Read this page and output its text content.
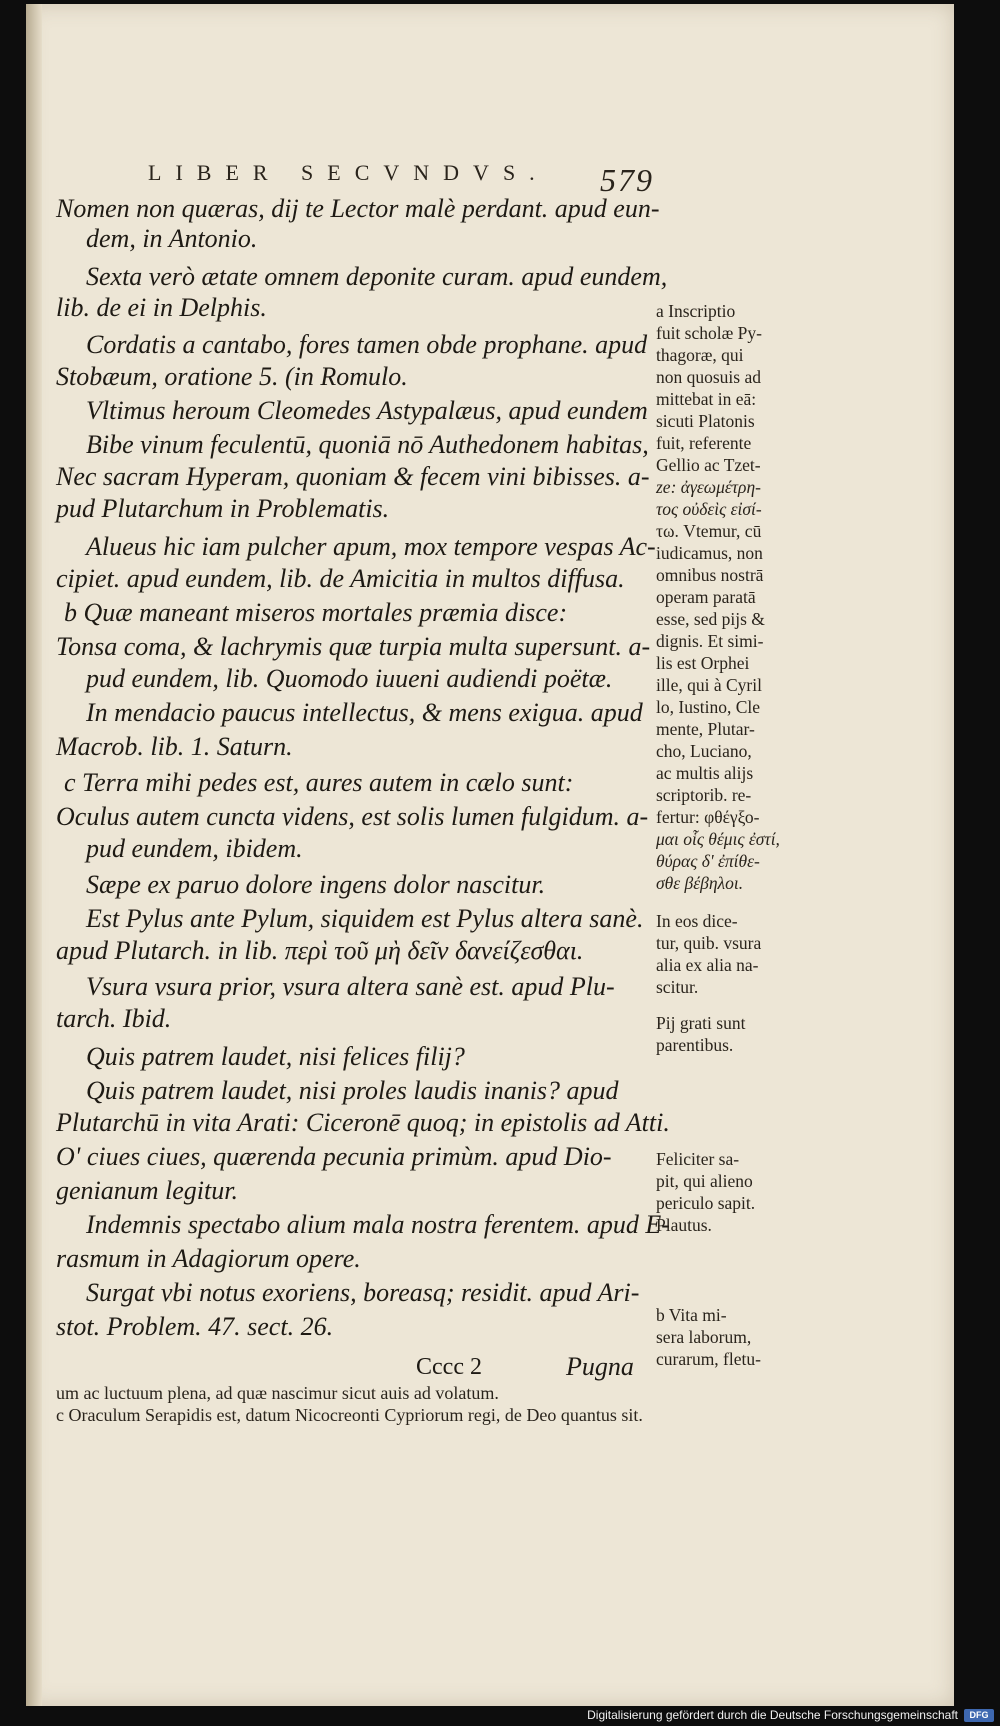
LIBER SECVNDVS. 579
Nomen non quæras, dij te Lector malè perdant. apud eun-
dem, in Antonio.
Sexta verò ætate omnem deponite curam. apud eundem,
lib. de ei in Delphis.
Cordatis a cantabo, fores tamen obde prophane. apud
Stobæum, oratione 5. (in Romulo.
Vltimus heroum Cleomedes Astypalæus, apud eundem
Bibe vinum feculentū, quoniā nō Authedonem habitas,
Nec sacram Hyperam, quoniam & fecem vini bibisses. a-
pud Plutarchum in Problematis.
Alueus hic iam pulcher apum, mox tempore vespas Ac-
cipiet. apud eundem, lib. de Amicitia in multos diffusa.
b Quæ maneant miseros mortales præmia disce:
Tonsa coma, & lachrymis quæ turpia multa supersunt. a-
pud eundem, lib. Quomodo iuueni audiendi poëtæ.
In mendacio paucus intellectus, & mens exigua. apud
Macrob. lib. 1. Saturn.
c Terra mihi pedes est, aures autem in cælo sunt:
Oculus autem cuncta videns, est solis lumen fulgidum. a-
pud eundem, ibidem.
Sæpe ex paruo dolore ingens dolor nascitur.
Est Pylus ante Pylum, siquidem est Pylus altera sanè.
apud Plutarch. in lib. περὶ τοῦ μὴ δεῖν δανείζεσθαι.
Vsura vsura prior, vsura altera sanè est. apud Plu-
tarch. Ibid.
Quis patrem laudet, nisi felices filij?
Quis patrem laudet, nisi proles laudis inanis? apud
Plutarchū in vita Arati: Ciceronē quoq; in epistolis ad Atti.
O' ciues ciues, quærenda pecunia primùm. apud Dio-
genianum legitur.
Indemnis spectabo alium mala nostra ferentem. apud E-
rasmum in Adagiorum opere.
Surgat vbi notus exoriens, boreasq; residit. apud Ari-
stot. Problem. 47. sect. 26.
Cccc 2	Pugna
a Inscriptio
fuit scholæ Py-
thagoræ, qui
non quosuis ad
mittebat in eā:
sicuti Platonis
fuit, referente
Gellio ac Tzet-
ze: ἀγεωμέτρη-
τος οὐδεὶς εἰσί-
τω. Vtemur, cū
iudicamus, non
omnibus nostrā
operam paratā
esse, sed pijs &
dignis. Et simi-
lis est Orphei
ille, qui à Cyril
lo, Iustino, Cle
mente, Plutar-
cho, Luciano,
ac multis alijs
scriptorib. re-
fertur: φθέγξο-
μαι οἷς θέμις ἐστί,
θύρας δ' ἐπίθε-
σθε βέβηλοι.
In eos dice-
tur, quib. vsura
alia ex alia na-
scitur.
Pij grati sunt
parentibus.
Feliciter sa-
pit, qui alieno
periculo sapit.
Plautus.
b Vita mi-
sera laborum,
curarum, fletu-
um ac luctuum plena, ad quæ nascimur sicut auis ad volatum.
c Oraculum Serapidis est, datum Nicocreonti Cypriorum regi, de Deo quantus sit.
Digitalisierung gefördert durch die Deutsche Forschungsgemeinschaft	DFG
